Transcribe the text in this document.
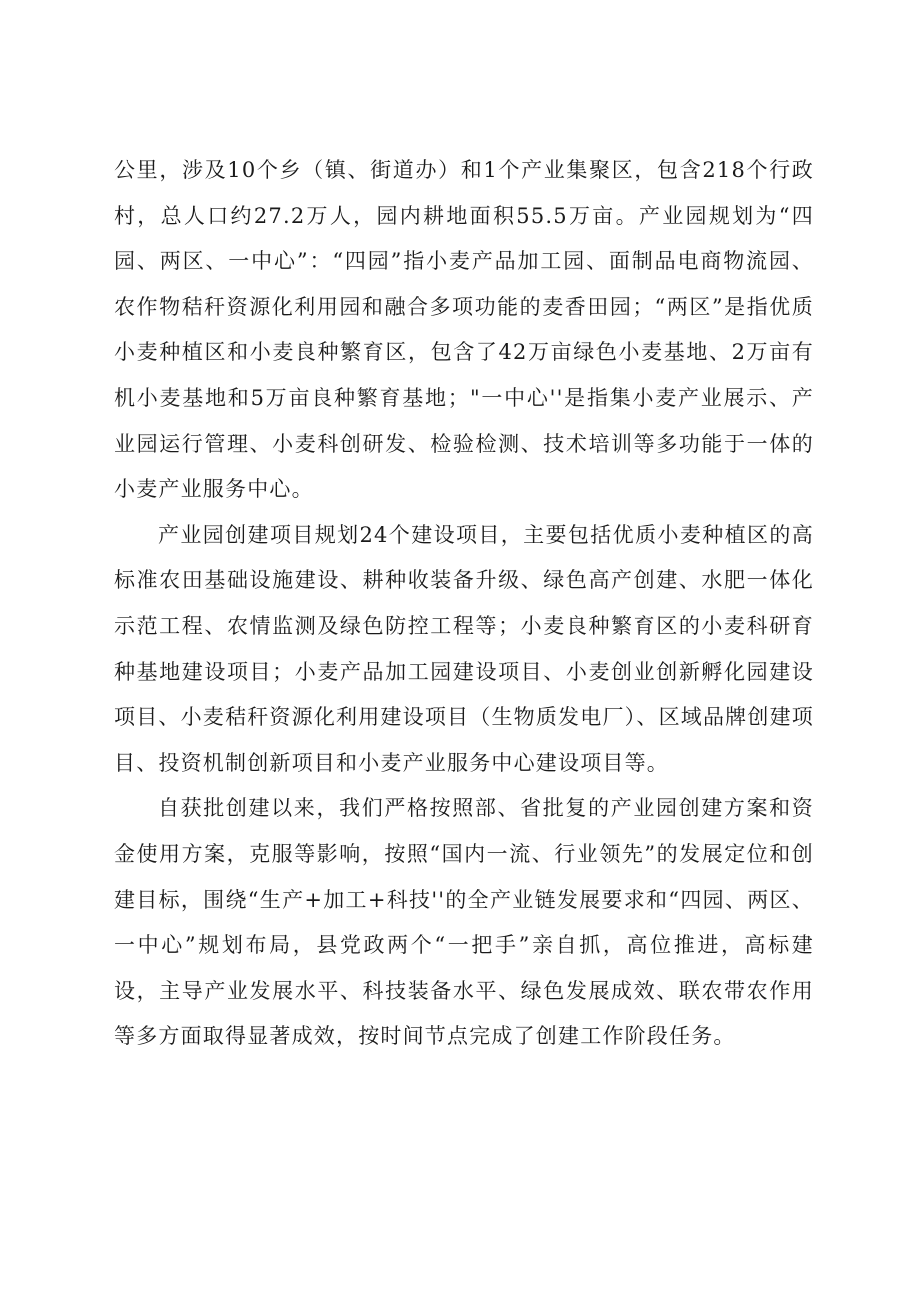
公里，涉及10个乡（镇、街道办）和1个产业集聚区，包含218个行政村，总人口约27.2万人，园内耕地面积55.5万亩。产业园规划为“四园、两区、一中心”：“四园”指小麦产品加工园、面制品电商物流园、农作物秸秆资源化利用园和融合多项功能的麦香田园；“两区”是指优质小麦种植区和小麦良种繁育区，包含了42万亩绿色小麦基地、2万亩有机小麦基地和5万亩良种繁育基地；"一中心''是指集小麦产业展示、产业园运行管理、小麦科创研发、检验检测、技术培训等多功能于一体的小麦产业服务中心。

产业园创建项目规划24个建设项目，主要包括优质小麦种植区的高标准农田基础设施建设、耕种收装备升级、绿色高产创建、水肥一体化示范工程、农情监测及绿色防控工程等；小麦良种繁育区的小麦科研育种基地建设项目；小麦产品加工园建设项目、小麦创业创新孵化园建设项目、小麦秸秆资源化利用建设项目（生物质发电厂）、区域品牌创建项目、投资机制创新项目和小麦产业服务中心建设项目等。

自获批创建以来，我们严格按照部、省批复的产业园创建方案和资金使用方案，克服等影响，按照“国内一流、行业领先”的发展定位和创建目标，围绕“生产+加工+科技''的全产业链发展要求和“四园、两区、一中心”规划布局，县党政两个“一把手”亲自抓，高位推进，高标建设，主导产业发展水平、科技装备水平、绿色发展成效、联农带农作用等多方面取得显著成效，按时间节点完成了创建工作阶段任务。
